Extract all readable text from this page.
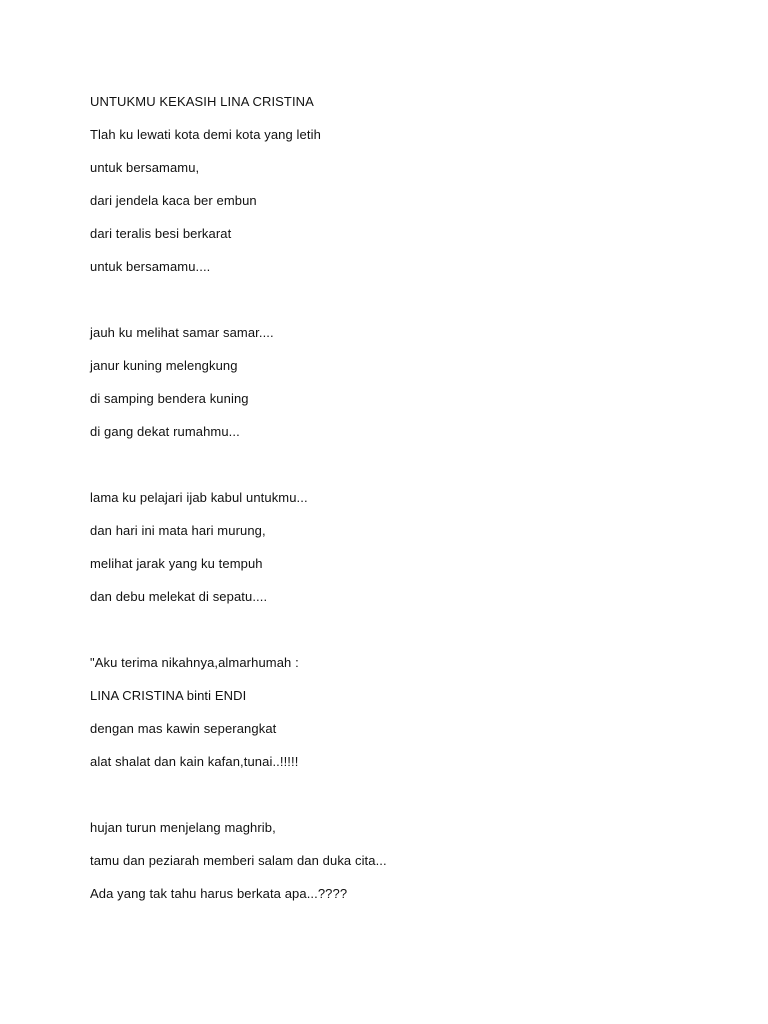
UNTUKMU KEKASIH LINA CRISTINA
Tlah ku lewati kota demi kota yang letih
untuk bersamamu,
dari jendela kaca ber embun
dari teralis besi berkarat
untuk bersamamu....
jauh ku melihat samar samar....
janur kuning melengkung
di samping bendera kuning
di gang dekat rumahmu...
lama ku pelajari ijab kabul untukmu...
dan hari ini mata hari murung,
melihat jarak yang ku tempuh
dan debu melekat di sepatu....
"Aku terima nikahnya,almarhumah :
LINA CRISTINA binti ENDI
dengan mas kawin seperangkat
alat shalat dan kain kafan,tunai..!!!!!
hujan turun menjelang maghrib,
tamu dan peziarah memberi salam dan duka cita...
Ada yang tak tahu harus berkata apa...????
